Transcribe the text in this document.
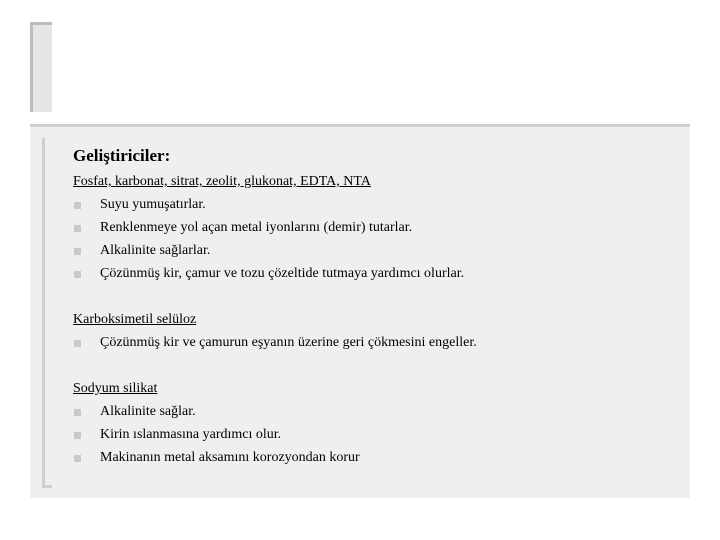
Geliştiriciler:
Fosfat, karbonat, sitrat, zeolit, glukonat, EDTA, NTA
Suyu yumuşatırlar.
Renklenmeye yol açan metal iyonlarını (demir) tutarlar.
Alkalinite sağlarlar.
Çözünmüş kir, çamur ve tozu çözeltide tutmaya yardımcı olurlar.
Karboksimetil selüloz
Çözünmüş kir ve çamurun eşyanın üzerine geri çökmesini engeller.
Sodyum silikat
Alkalinite sağlar.
Kirin ıslanmasına yardımcı olur.
Makinanın metal aksamını korozyondan korur
